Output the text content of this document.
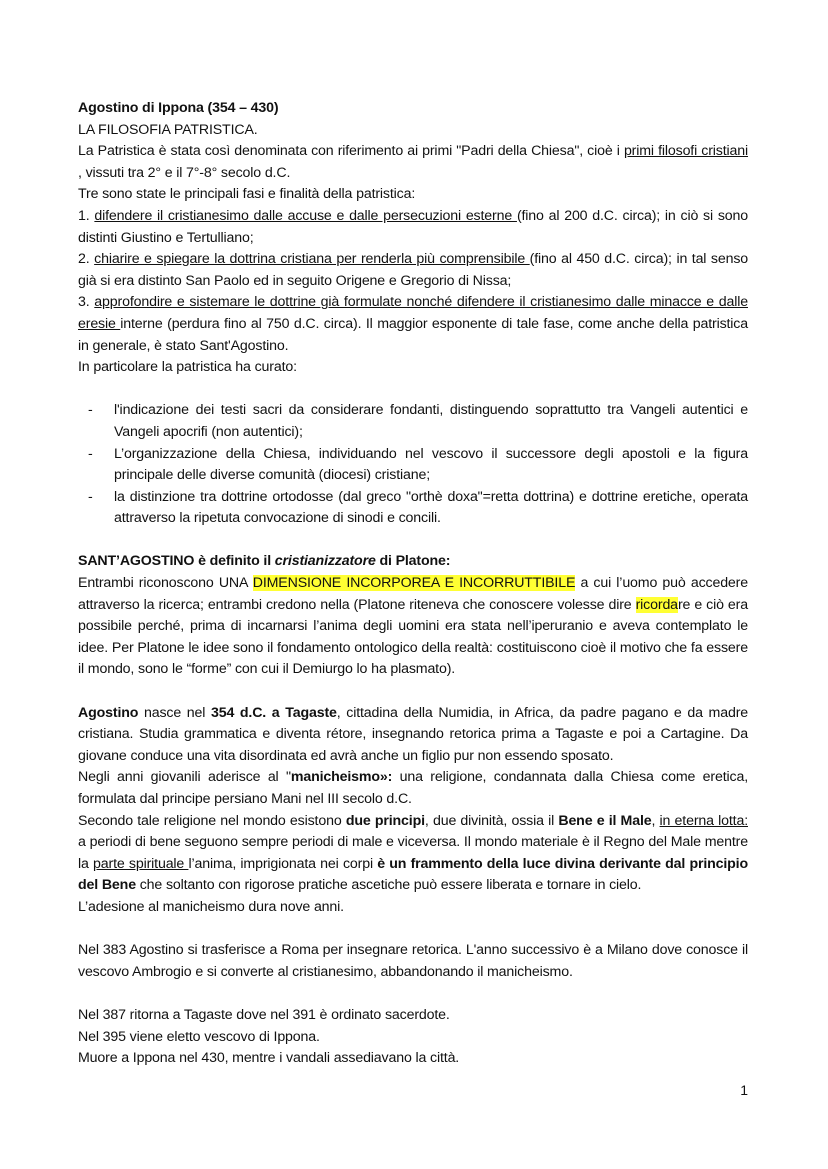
Agostino di Ippona (354 – 430)

LA FILOSOFIA PATRISTICA.

La Patristica è stata così denominata con riferimento ai primi "Padri della Chiesa", cioè i primi filosofi cristiani , vissuti tra 2° e il 7°-8° secolo d.C.

Tre sono state le principali fasi e finalità della patristica:

1. difendere il cristianesimo dalle accuse e dalle persecuzioni esterne (fino al 200 d.C. circa); in ciò si sono distinti Giustino e Tertulliano;

2. chiarire e spiegare la dottrina cristiana per renderla più comprensibile (fino al 450 d.C. circa); in tal senso già si era distinto San Paolo ed in seguito Origene e Gregorio di Nissa;

3. approfondire e sistemare le dottrine già formulate nonché difendere il cristianesimo dalle minacce e dalle eresie interne (perdura fino al 750 d.C. circa). Il maggior esponente di tale fase, come anche della patristica in generale, è stato Sant'Agostino.

In particolare la patristica ha curato:

- l'indicazione dei testi sacri da considerare fondanti, distinguendo soprattutto tra Vangeli autentici e Vangeli apocrifi (non autentici);
- L’organizzazione della Chiesa, individuando nel vescovo il successore degli apostoli e la figura principale delle diverse comunità (diocesi) cristiane;
- la distinzione tra dottrine ortodosse (dal greco "orthè doxa"=retta dottrina) e dottrine eretiche, operata attraverso la ripetuta convocazione di sinodi e concili.

SANT’AGOSTINO è definito il cristianizzatore di Platone:

Entrambi riconoscono UNA DIMENSIONE INCORPOREA E INCORRUTTIBILE a cui l’uomo può accedere attraverso la ricerca; entrambi credono nella (Platone riteneva che conoscere volesse dire ricordare e ciò era possibile perché, prima di incarnarsi l’anima degli uomini era stata nell’iperuranio e aveva contemplato le idee. Per Platone le idee sono il fondamento ontologico della realtà: costituiscono cioè il motivo che fa essere il mondo, sono le “forme” con cui il Demiurgo lo ha plasmato).

Agostino nasce nel 354 d.C. a Tagaste, cittadina della Numidia, in Africa, da padre pagano e da madre cristiana. Studia grammatica e diventa rétore, insegnando retorica prima a Tagaste e poi a Cartagine. Da giovane conduce una vita disordinata ed avrà anche un figlio pur non essendo sposato.

Negli anni giovanili aderisce al "manicheismo»: una religione, condannata dalla Chiesa come eretica, formulata dal principe persiano Mani nel III secolo d.C.

Secondo tale religione nel mondo esistono due principi, due divinità, ossia il Bene e il Male, in eterna lotta: a periodi di bene seguono sempre periodi di male e viceversa. Il mondo materiale è il Regno del Male mentre la parte spirituale l’anima, imprigionata nei corpi è un frammento della luce divina derivante dal principio del Bene che soltanto con rigorose pratiche ascetiche può essere liberata e tornare in cielo.

L’adesione al manicheismo dura nove anni.

Nel 383 Agostino si trasferisce a Roma per insegnare retorica. L'anno successivo è a Milano dove conosce il vescovo Ambrogio e si converte al cristianesimo, abbandonando il manicheismo.

Nel 387 ritorna a Tagaste dove nel 391 è ordinato sacerdote.

Nel 395 viene eletto vescovo di Ippona.

Muore a Ippona nel 430, mentre i vandali assediavano la città.

1
